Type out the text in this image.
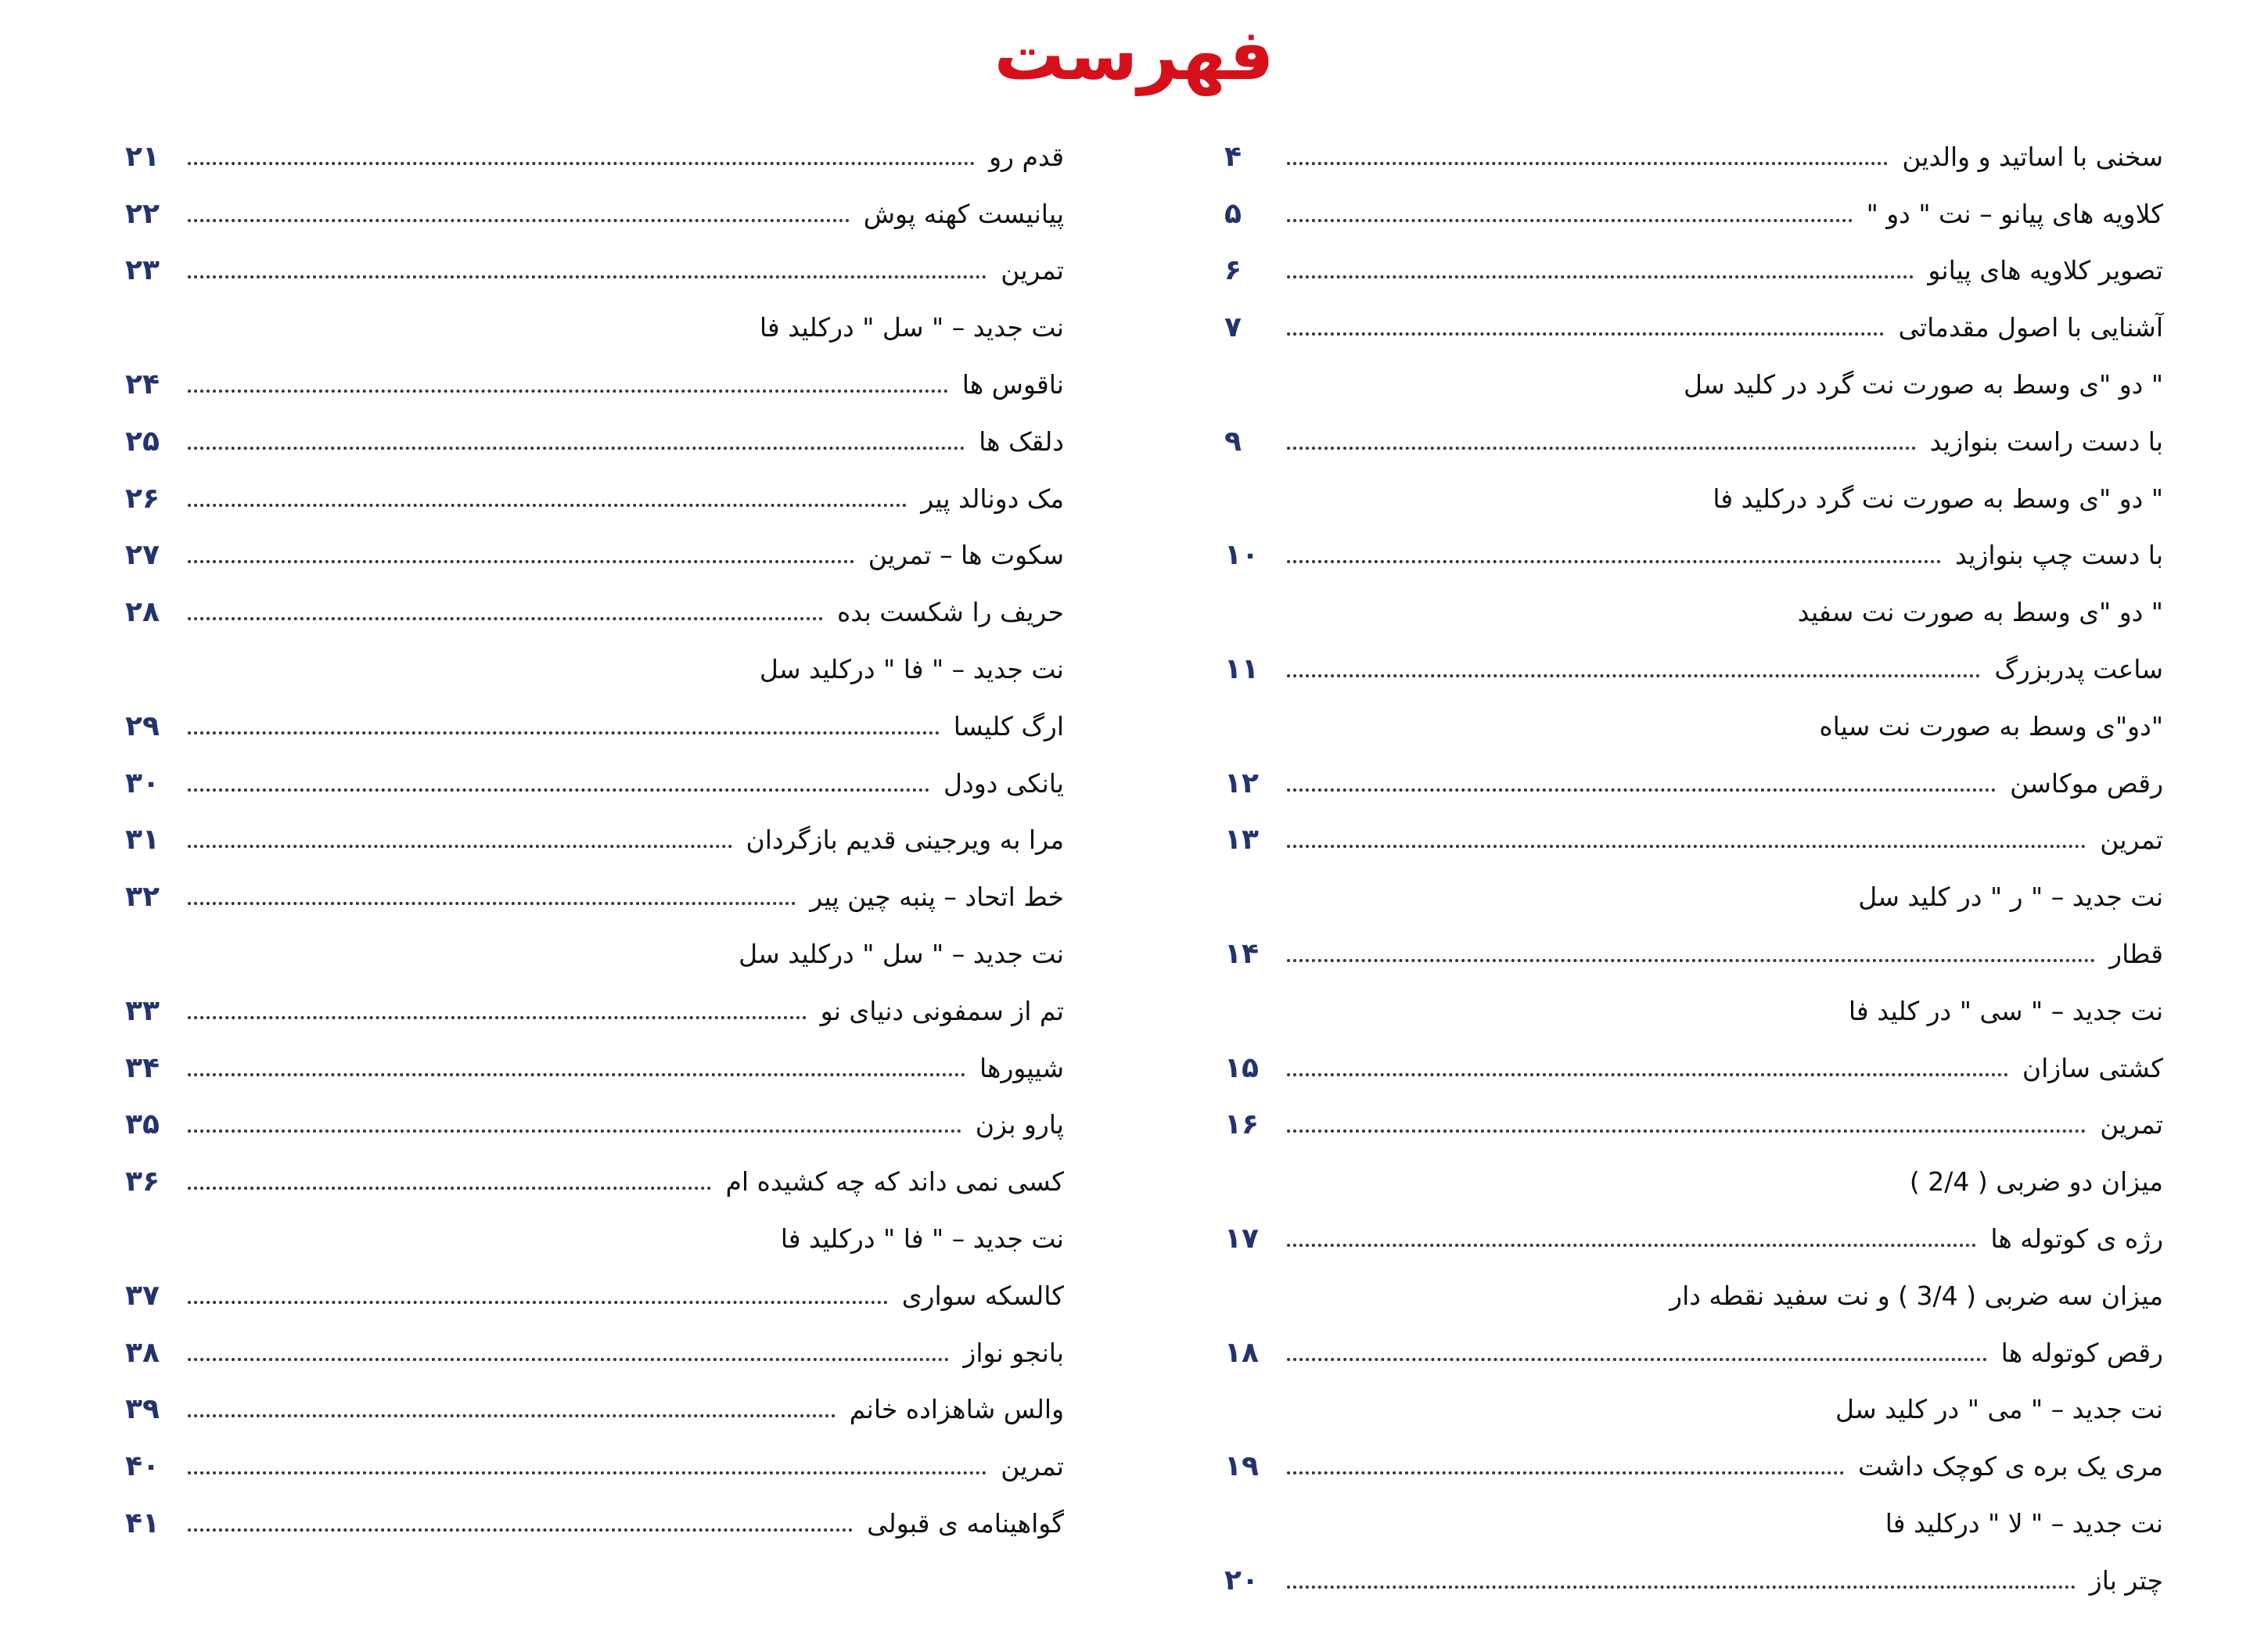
فهرست
سخنی با اساتید و والدین
۴
کلاویه های پیانو – نت " دو "
۵
تصویر کلاویه های پیانو
۶
آشنایی با اصول مقدماتی
۷
" دو "ی وسط به صورت نت گرد در کلید سل
با دست راست بنوازید
۹
" دو "ی وسط به صورت نت گرد درکلید فا
با دست چپ بنوازید
۱۰
" دو "ی وسط به صورت نت سفید
ساعت پدربزرگ
۱۱
"دو"ی وسط به صورت نت سیاه
رقص موکاسن
۱۲
تمرین
۱۳
نت جدید – " ر " در کلید سل
قطار
۱۴
نت جدید – " سی " در کلید فا
کشتی سازان
۱۵
تمرین
۱۶
میزان دو ضربی ( 2/4 )
رژه ی کوتوله ها
۱۷
میزان سه ضربی ( 3/4 ) و نت سفید نقطه دار
رقص کوتوله ها
۱۸
نت جدید – " می " در کلید سل
مری یک بره ی کوچک داشت
۱۹
نت جدید – " لا " درکلید فا
چتر باز
۲۰
قدم رو
۲۱
پیانیست کهنه پوش
۲۲
تمرین
۲۳
نت جدید – " سل " درکلید فا
ناقوس ها
۲۴
دلقک ها
۲۵
مک دونالد پیر
۲۶
سکوت ها – تمرین
۲۷
حریف را شکست بده
۲۸
نت جدید – " فا " درکلید سل
ارگ کلیسا
۲۹
یانکی دودل
۳۰
مرا به ویرجینی قدیم بازگردان
۳۱
خط اتحاد – پنبه چین پیر
۳۲
نت جدید – " سل " درکلید سل
تم از سمفونی دنیای نو
۳۳
شیپورها
۳۴
پارو بزن
۳۵
کسی نمی داند که چه کشیده ام
۳۶
نت جدید – " فا " درکلید فا
کالسکه سواری
۳۷
بانجو نواز
۳۸
والس شاهزاده خانم
۳۹
تمرین
۴۰
گواهینامه ی قبولی
۴۱
